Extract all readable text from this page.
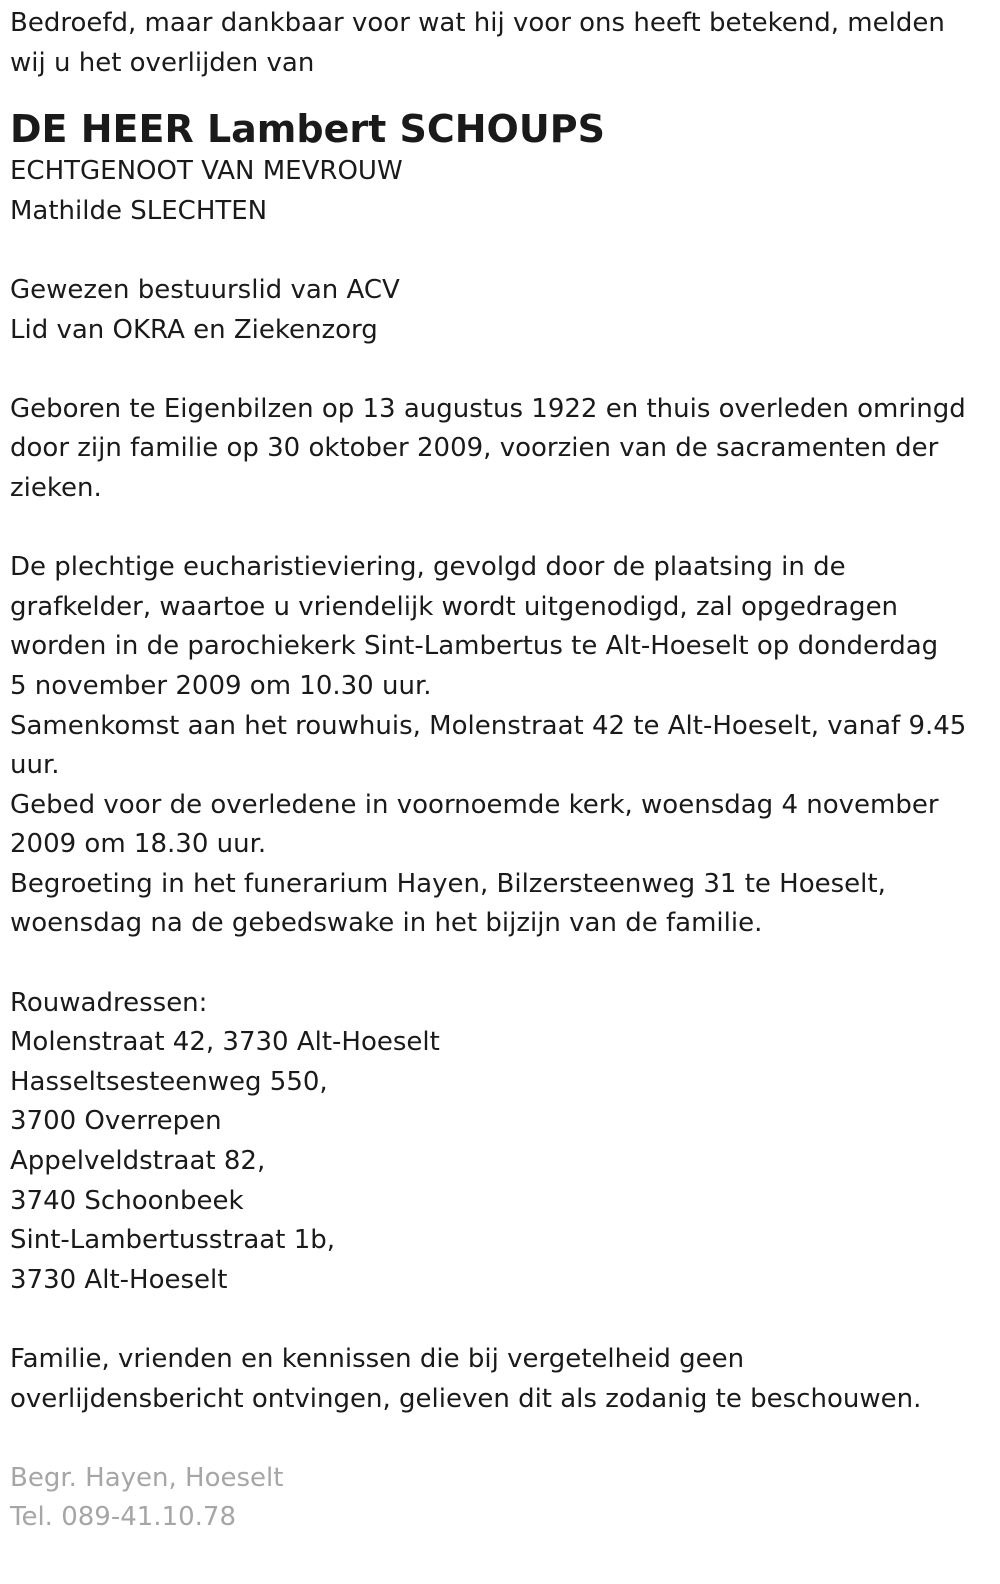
Bedroefd, maar dankbaar voor wat hij voor ons heeft betekend, melden
wij u het overlijden van
DE HEER Lambert SCHOUPS
ECHTGENOOT VAN MEVROUW
Mathilde SLECHTEN
Gewezen bestuurslid van ACV
Lid van OKRA en Ziekenzorg
Geboren te Eigenbilzen op 13 augustus 1922 en thuis overleden omringd
door zijn familie op 30 oktober 2009, voorzien van de sacramenten der
zieken.
De plechtige eucharistieviering, gevolgd door de plaatsing in de
grafkelder, waartoe u vriendelijk wordt uitgenodigd, zal opgedragen
worden in de parochiekerk Sint-Lambertus te Alt-Hoeselt op donderdag
5 november 2009 om 10.30 uur.
Samenkomst aan het rouwhuis, Molenstraat 42 te Alt-Hoeselt, vanaf 9.45
uur.
Gebed voor de overledene in voornoemde kerk, woensdag 4 november
2009 om 18.30 uur.
Begroeting in het funerarium Hayen, Bilzersteenweg 31 te Hoeselt,
woensdag na de gebedswake in het bijzijn van de familie.
Rouwadressen:
Molenstraat 42, 3730 Alt-Hoeselt
Hasseltsesteenweg 550,
3700 Overrepen
Appelveldstraat 82,
3740 Schoonbeek
Sint-Lambertusstraat 1b,
3730 Alt-Hoeselt
Familie, vrienden en kennissen die bij vergetelheid geen
overlijdensbericht ontvingen, gelieven dit als zodanig te beschouwen.
Begr. Hayen, Hoeselt
Tel. 089-41.10.78
